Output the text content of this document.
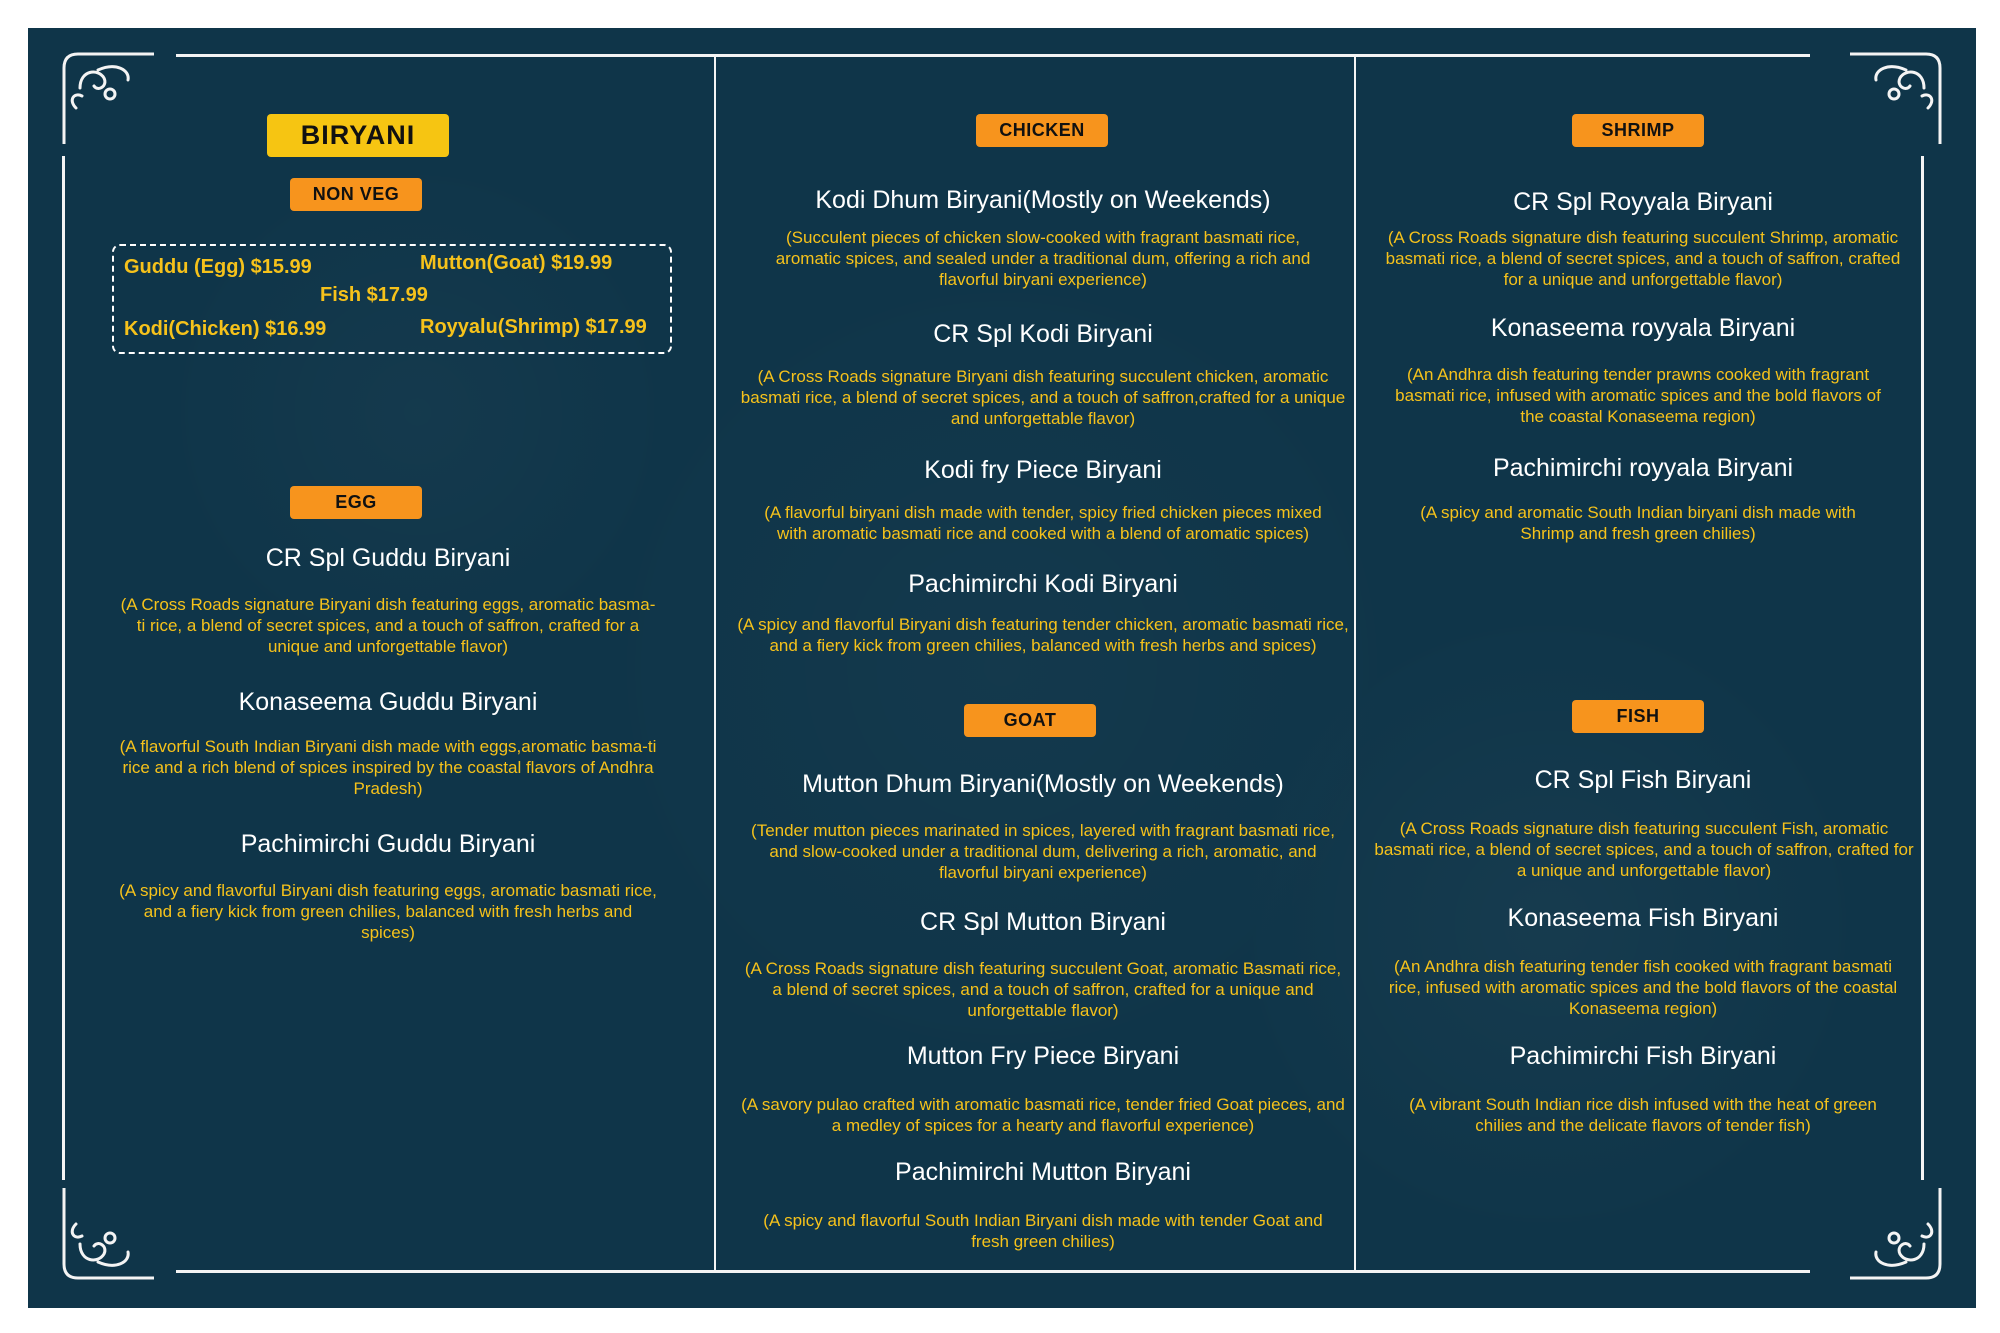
BIRYANI
NON VEG
Guddu (Egg) $15.99	Mutton(Goat) $19.99
Fish $17.99
Kodi(Chicken) $16.99	Royyalu(Shrimp) $17.99
EGG
CR Spl Guddu Biryani
(A Cross Roads signature Biryani dish featuring eggs, aromatic basma-ti rice, a blend of secret spices, and a touch of saffron, crafted for a unique and unforgettable flavor)
Konaseema Guddu Biryani
(A flavorful South Indian Biryani dish made with eggs,aromatic basma-ti rice and a rich blend of spices inspired by the coastal flavors of Andhra Pradesh)
Pachimirchi Guddu Biryani
(A spicy and flavorful Biryani dish featuring eggs, aromatic basmati rice, and a fiery kick from green chilies, balanced with fresh herbs and spices)
CHICKEN
Kodi Dhum Biryani(Mostly on Weekends)
(Succulent pieces of chicken slow-cooked with fragrant basmati rice, aromatic spices, and sealed under a traditional dum, offering a rich and flavorful biryani experience)
CR Spl Kodi Biryani
(A Cross Roads signature Biryani dish featuring succulent chicken, aromatic basmati rice, a blend of secret spices, and a touch of saffron,crafted for a unique and unforgettable flavor)
Kodi fry Piece Biryani
(A flavorful biryani dish made with tender, spicy fried chicken pieces mixed with aromatic basmati rice and cooked with a blend of aromatic spices)
Pachimirchi Kodi Biryani
(A spicy and flavorful Biryani dish featuring tender chicken, aromatic basmati rice, and a fiery kick from green chilies, balanced with fresh herbs and spices)
GOAT
Mutton Dhum Biryani(Mostly on Weekends)
(Tender mutton pieces marinated in spices, layered with fragrant basmati rice, and slow-cooked under a traditional dum, delivering a rich, aromatic, and flavorful biryani experience)
CR Spl Mutton Biryani
(A Cross Roads signature dish featuring succulent Goat, aromatic Basmati rice, a blend of secret spices, and a touch of saffron, crafted for a unique and unforgettable flavor)
Mutton Fry Piece Biryani
(A savory pulao crafted with aromatic basmati rice, tender fried Goat pieces, and a medley of spices for a hearty and flavorful experience)
Pachimirchi Mutton Biryani
(A spicy and flavorful South Indian Biryani dish made with tender Goat and fresh green chilies)
SHRIMP
CR Spl Royyala Biryani
(A Cross Roads signature dish featuring succulent Shrimp, aromatic basmati rice, a blend of secret spices, and a touch of saffron, crafted for a unique and unforgettable flavor)
Konaseema royyala Biryani
(An Andhra dish featuring tender prawns cooked with fragrant basmati rice, infused with aromatic spices and the bold flavors of the coastal Konaseema region)
Pachimirchi royyala Biryani
(A spicy and aromatic South Indian biryani dish made with Shrimp and fresh green chilies)
FISH
CR Spl Fish Biryani
(A Cross Roads signature dish featuring succulent Fish, aromatic basmati rice, a blend of secret spices, and a touch of saffron, crafted for a unique and unforgettable flavor)
Konaseema Fish Biryani
(An Andhra dish featuring tender fish cooked with fragrant basmati rice, infused with aromatic spices and the bold flavors of the coastal Konaseema region)
Pachimirchi Fish Biryani
(A vibrant South Indian rice dish infused with the heat of green chilies and the delicate flavors of tender fish)
